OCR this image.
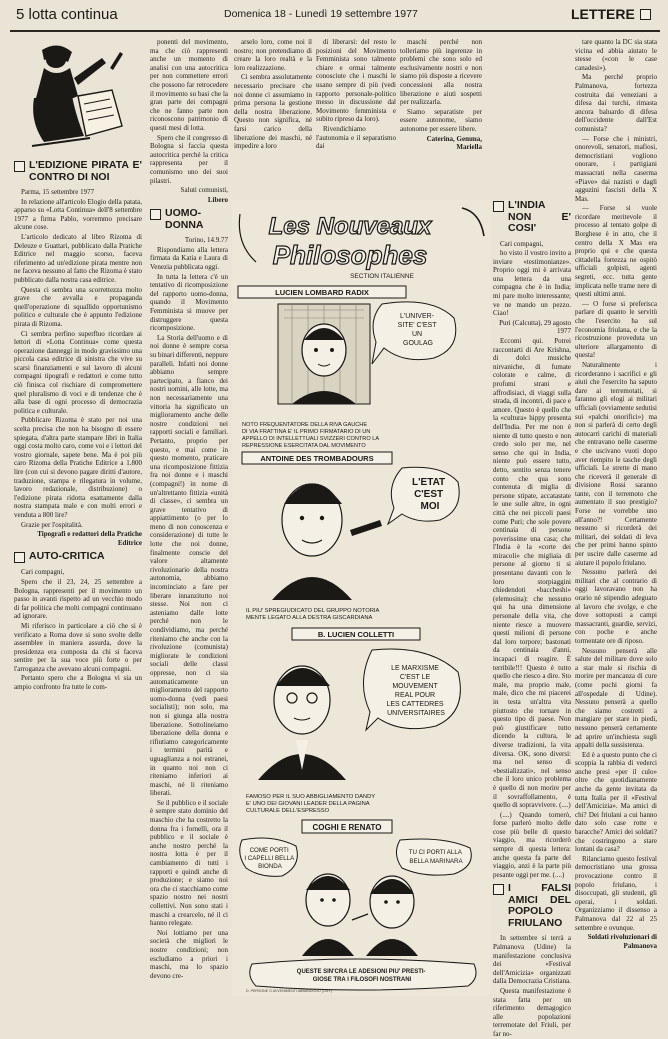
5 lotta continua	Domenica 18 - Lunedì 19 settembre 1977	LETTERE
L'EDIZIONE PIRATA E' CONTRO DI NOI

Parma, 15 settembre 1977

In relazione all'articolo Elogio della patata, apparso su «Lotta Continua» dell'8 settembre 1977 a firma Pablo, vorremmo precisare alcune cose.

L'articolo dedicato al libro Rizoma di Deleuze e Guattari, pubblicato dalla Pratiche Editrice nel maggio scorso, faceva riferimento ad un'edizione pirata mentre non ne faceva nessuno al fatto che Rizoma è stato pubblicato dalla nostra casa editrice.

Questa ci sembra una scorrettezza molto grave che avvalla e propaganda quell'operazione di squallido opportunismo politico e culturale che è appunto l'edizione pirata di Rizoma.

Ci sembra perfino superfluo ricordare ai lettori di «Lotta Continua» come questa operazione danneggi in modo gravissimo una piccola casa editrice di sinistra che vive su scarsi finanziamenti e sul lavoro di alcuni compagni tipografi e redattori e come tutto ciò finisca col rischiare di compromettere quel pluralismo di voci e di tendenze che è alla base di ogni processo di democrazia politica e culturale.

Pubblicare Rizoma è stato per noi una scelta precisa che non ha bisogno di essere spiegata, d'altra parte stampare libri in Italia oggi costa molto caro, come voi e i lettori del vostro giornale, sapete bene. Ma è poi più caro Rizoma della Pratiche Editrice a 1.800 lire (con cui si devono pagare diritti d'autore, traduzione, stampa e rilegatura in volume, lavoro redazionale, distribuzione) o l'edizione pirata ridotta esattamente dalla nostra stampata male e con molti errori e venduta a 800 lire?

Grazie per l'ospitalità.

Tipografi e redattori della Pratiche Editrice

AUTO-CRITICA

Cari compagni,

Spero che il 23, 24, 25 settembre a Bologna, rappresenti per il movimento un passo in avanti rispetto ad un vecchio modo di far politica che molti compagni continuano ad ignorare.

Mi riferisco in particolare a ciò che si è verificato a Roma dove si sono svolte delle assemblee in maniera assurda, dove la presidenza era composta da chi si faceva sentire per la sua voce più forte o per l'arroganza che avevano alcuni compagni.

Pertanto spero che a Bologna vi sia un ampio confronto fra tutte le com-

ponenti del movimento, ma che ciò rappresenti anche un momento di analisi con una autocritica per non commettere errori che possono far retrocedere il movimento su basi che la gran parte dei compagni che ne fanno parte non riconoscono patrimonio di questi mesi di lotta.

Spero che il congresso di Bologna si faccia questa autocritica perché la critica rappresenta per il comunismo uno dei suoi pilastri.

Saluti comunisti,

Libero

UOMO-DONNA

Torino, 14.9.77

Rispondiamo alla lettera firmata da Katia e Laura di Venezia pubblicata oggi.

In tutta la lettera c'è un tentativo di ricomposizione del rapporto uomo-donna, quando il Movimento Femminista si muove per distruggere questa ricomposizione.

La Storia dell'uomo e di noi donne è sempre corsa su binari differenti, neppure paralleli. Infatti noi donne abbiamo sempre partecipato, a fianco dei nostri uomini, alle lotte, ma non necessariamente una vittoria ha significato un miglioramento anche delle nostre condizioni nei rapporti sociali e familiari. Pertanto, proprio per questo, e mai come in questo momento, praticare una ricomposizione fittizia fra noi donne e i maschi (compagni!) in nome di un'altrettanto fittizia «unità di classe», ci sembra un grave tentativo di appiattimento (o per lo meno di non conoscenza e considerazione) di tutte le lotte che noi donne, finalmente conscie del valore altamente rivoluzionario della nostra autonomia, abbiamo incominciato a fare per liberare innanzitutto noi stesse. Noi non ci asteniamo dalle lotte perché non le condividiamo, ma perché riteniamo che anche con la rivoluzione (comunista) migliorate le condizioni sociali delle classi oppresse, non ci sia automaticamente un miglioramento del rapporto uomo-donna (vedi paesi socialisti); non solo, ma non si giunga alla nostra liberazione. Sottolineiamo liberazione della donna e rifiutiamo categoricamente i termini parità e uguaglianza a noi estranei, in quanto noi non ci riteniamo inferiori ai maschi, né li riteniamo liberati.

Se il pubblico e il sociale è sempre stato dominio del maschio che ha costretto la donna fra i fornelli, ora il pubblico e il sociale è anche nostro perché la nostra lotta è per il cambiamento di tutti i rapporti e quindi anche di produzione; e siamo noi ora che ci stacchiamo come spazio nostro nei nostri collettivi. Non sono stati i maschi a crearcelo, né il ci hanno relegate.

Noi lottiamo per una società che migliori le nostre condizioni; non escludiamo a priori i maschi, ma lo spazio devono cre-

arselo loro, come noi il nostro; non pretendiamo di creare la loro realtà e la loro realizzazione.

Ci sembra assolutamente necessario precisare che noi donne ci assumiamo in prima persona la gestione della nostra liberazione. Questo non significa, né farsi carico della liberazione dei maschi, né impedire a loro

di liberarsi: del resto le posizioni del Movimento Femminista sono talmente chiare e ormai talmente conosciute che i maschi le usano sempre di più (vedi rapporto personale-politico messo in discussione dal Movimento femminista e subito ripreso da loro).

Rivendichiamo l'autonomia e il separatismo dai

maschi perché non tolleriamo più ingerenze in problemi che sono solo ed esclusivamente nostri e non siamo più disposte a ricevere concessioni alla nostra liberazione e aiuti sospetti per realizzarla.

Siamo separatiste per essere autonome, siamo autonome per essere libere.

Caterina, Gemma, Mariella

L'INDIA NON E' COSI'

Cari compagni,

ho visto il vostro invito a inviare «testimonianze». Proprio oggi mi è arrivata una lettera da una compagna che è in India; mi pare molto interessante; ve ne mando un pezzo. Ciao!

Puri (Calcutta), 29 agosto 1977

Eccomi qui. Potrei raccontarti di Are Krishna, di dolci musiche nirvaniche, di fumate colorate e calme, di profumi strani e affrodisiaci, di viaggi sulla strada, di incontri, di pace e amore. Questo è quello che la «cultura» hippy presenta dell'India. Per me non è niente di tutto questo e non credo solo per me, nel senso che qui in India, niente può essere tutto, detto, sentito senza tenere conto che qua sono contenuta di miglia di persone stipate, accatastate le une sulle altre, in ogni città che nei piccoli paesi come Puri; che sole povere centinaia di persone poverissime una casa; che l'India è la «corte dei miracoli» che migliaia di persone al giorno ti si presentano davanti con le loro storpiaggini chiedendoti «baccheshi» (elemosina): che nessuno qui ha una dimensione personale della vita, che niente riesce a muovere questi milioni di persone dal loro torpore; bastonati da centinaia d'anni, incapaci di reagire. È terribile!!! Questo è tutto quello che riesco a dire. Sto male, ma proprio male, male, dico che mi piacerei in testa un'altra vita piuttosto che tornare in questo tipo di paese. Non può giustificare tutto dicendo la cultura, le diverse tradizioni, la vita diversa. OK, sono diversi: ma nel senso di «bestializzati», nel senso che il loro unico problema è quello di non morire per il sovraffollamento, è quello di sopravvivere. (....)

(....) Quando tornerò, forse parlerò molto delle cose più belle di questo viaggio, ma ricorderò sempre di questa lettera: anche questa fa parte del viaggio, anzi è la parte più pesante oggi per me. (....)

I FALSI AMICI DEL POPOLO FRIULANO

In settembre si terrà a Palmanova (Udine) la manifestazione conclusiva dei «Festival dell'Amicizia» organizzati dalla Democrazia Cristiana.

Questa manifestazione è stata fatta per un riferimento demagogico alle popolazioni terremotate del Friuli, per far no-

tare quanto la DC sia stata vicina ed abbia aiutato le stesse («con le case canadesi»).

Ma perché proprio Palmanova, fortezza costruita dai veneziani a difesa dai turchi, rimasta ancora baluardo di difesa dell'occidente dall'Est comunista?

— Forse che i ministri, onorevoli, senatori, mafiosi, democristiani vogliono onorare, i partigiani massacrati nella caserma «Piave» dai nazisti e dagli agguzini fascisti della X Mas.

— Forse si vuole ricordare meritevole il processo al tentato golpe di Borghese è in atto, che il centro della X Mas era proprio qui e che questa cittadella fortezza ne ospitò ufficiali golpisti, agenti segreti, ecc. tutta gente implicata nelle trame nere di questi ultimi anni.

— O forse si preferisca parlare di quanto le servitù che l'esercito ha sul l'economia friulana, e che la ricostruzione proveduta un ulteriore allargamento di questa!

Naturalmente i ricorderanno i sacrifici e gli aiuti che l'esercito ha saputo dare ai terremotati, si faranno gli elogi ai militari ufficiali (ovviamente sedutisi sui «palchi onorifici») ma non si parlerà di certo degli autocarri carichi di materiali che entravano nelle caserme e che uscivano vuoti dopo aver riempito le tasche degli ufficiali. Le strette di mano che riceverà il generale di divisione Rossi saranno tante, con il terremoto che aumentato il suo prestigio? Forse ne vorrebbe uno all'anno?! Certamente nessuno si ricorderà dei militari, dei soldati di leva che per primi hanno spinto per uscire dalle caserme ad aiutare il popolo friulano.

Nessuno parlerà dei militari che al contrario di oggi lavoravano non ha orario né stipendio adeguato al lavoro che svolge, e che dove sottoposti a campi massacranti, guardie, servizi, con poche e anche tormentate ore di riposo.

Nessuno penserà alle salute del militare dove solo a star male si rischia di morire per mancanza di cure (come pochi giorni fa all'ospedale di Udine). Nessuno penserà a quello che siamo costretti a mangiare per stare in piedi, nessuno penserà certamente ad aprire un'inchiesta sugli appalti della sussistenza.

Ed è a questo punto che ci scoppia la rabbia di vederci anche presi «per il culo» oltre che quotidianamente anche da gente invitata da tutta Italia per il «Festival dell'Amicizia». Ma amici di chi? Dei friulani a cui hanno dato solo case rotte e baracche? Amici dei soldati? che costringono a stare lontani da casa?

Rilanciamo questo festival democristiano una grossa provocazione contro il popolo friulano, i disoccupati, gli studenti, gli operai, i soldati. Organizziamo il dissenso a Palmanova dal 22 al 25 settembre e ovunque.

Soldati rivoluzionari di Palmanova

Les Nouveaux
Philosophes
SECTION ITALIENNE
LUCIEN LOMBARD RADIX
L'UNIVER- SITE' C'EST UN GOULAG
NOTO FREQUENTATORE DELLA RIVA GAUCHE DI VIA FRATTINA E' IL PRIMO FIRMATARIO DI UN APPELLO DI INTELLETTUALI SVIZZERI CONTRO LA REPRESSIONE ESERCITATA DAL MOVIMENTO
ANTOINE DES TROMBADOURS
L'ETAT C'EST MOI
IL PIU' SPREGIUDICATO DEL GRUPPO NOTORIA MENTE LEGATO ALLA DESTRA GISCARDIANA
B. LUCIEN COLLETTI
LE MARXISME C'EST LE MOUVEMENT REAL POUR LES CATTEDRES UNIVERSITAIRES
FAMOSO PER IL SUO ABBIGLIAMENTO DANDY E' UNO DEI GIOVANI LEADER DELLA PAGINA CULTURALE DELL'ESPRESSO
COGHI E RENATO
COME PORTI I CAPELLI BELLA BIONDA
TU CI PORTI ALLA BELLA MARINARA
QUESTE SIN'CRA LE ADESIONI PIU' PRESTI- GIOSE TRA I FILOSOFI NOSTRANI
D. PERSONE O AVVENIMENTI ABBANDONO (CMY)
